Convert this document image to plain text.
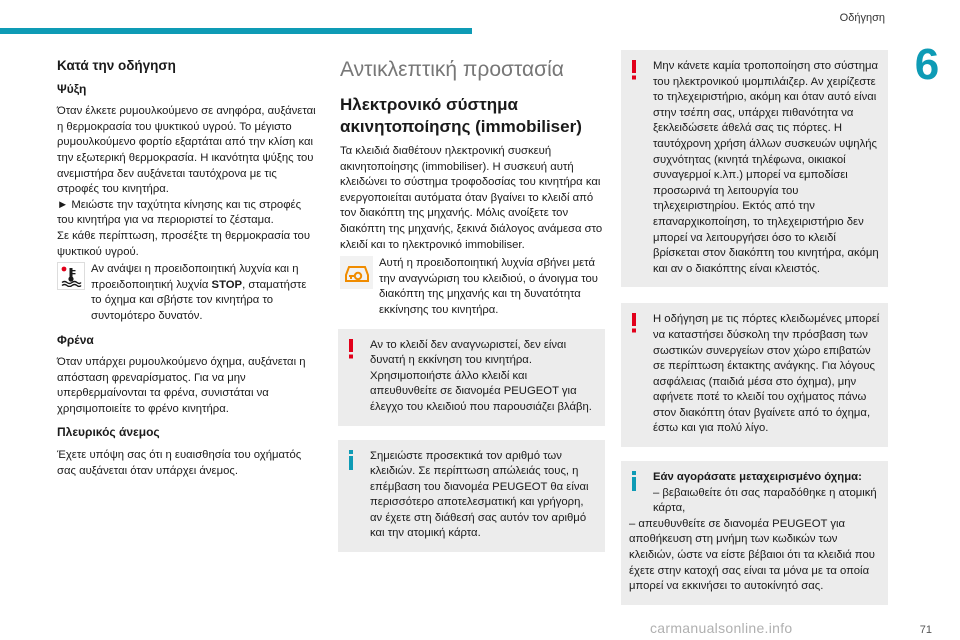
Οδήγηση
6
Κατά την οδήγηση
Ψύξη
Όταν έλκετε ρυμουλκούμενο σε ανηφόρα, αυξάνεται η θερμοκρασία του ψυκτικού υγρού. Το μέγιστο ρυμουλκούμενο φορτίο εξαρτάται από την κλίση και την εξωτερική θερμοκρασία. Η ικανότητα ψύξης του ανεμιστήρα δεν αυξάνεται ταυτόχρονα με τις στροφές του κινητήρα.
► Μειώστε την ταχύτητα κίνησης και τις στροφές του κινητήρα για να περιοριστεί το ζέσταμα.
Σε κάθε περίπτωση, προσέξτε τη θερμοκρασία του ψυκτικού υγρού.
Αν ανάψει η προειδοποιητική λυχνία και η προειδοποιητική λυχνία STOP, σταματήστε το όχημα και σβήστε τον κινητήρα το συντομότερο δυνατόν.
Φρένα
Όταν υπάρχει ρυμουλκούμενο όχημα, αυξάνεται η απόσταση φρεναρίσματος. Για να μην υπερθερμαίνονται τα φρένα, συνιστάται να χρησιμοποιείτε το φρένο κινητήρα.
Πλευρικός άνεμος
Έχετε υπόψη σας ότι η ευαισθησία του οχήματός σας αυξάνεται όταν υπάρχει άνεμος.
Αντικλεπτική προστασία
Ηλεκτρονικό σύστημα ακινητοποίησης (immobiliser)
Τα κλειδιά διαθέτουν ηλεκτρονική συσκευή ακινητοποίησης (immobiliser). Η συσκευή αυτή κλειδώνει το σύστημα τροφοδοσίας του κινητήρα και ενεργοποιείται αυτόματα όταν βγαίνει το κλειδί από τον διακόπτη της μηχανής. Μόλις ανοίξετε τον διακόπτη της μηχανής, ξεκινά διάλογος ανάμεσα στο κλειδί και το ηλεκτρονικό immobiliser.
Αυτή η προειδοποιητική λυχνία σβήνει μετά την αναγνώριση του κλειδιού, ο άνοιγμα του διακόπτη της μηχανής και τη δυνατότητα εκκίνησης του κινητήρα.
Αν το κλειδί δεν αναγνωριστεί, δεν είναι δυνατή η εκκίνηση του κινητήρα. Χρησιμοποιήστε άλλο κλειδί και απευθυνθείτε σε διανομέα PEUGEOT για έλεγχο του κλειδιού που παρουσιάζει βλάβη.
Σημειώστε προσεκτικά τον αριθμό των κλειδιών. Σε περίπτωση απώλειάς τους, η επέμβαση του διανομέα PEUGEOT θα είναι περισσότερο αποτελεσματική και γρήγορη, αν έχετε στη διάθεσή σας αυτόν τον αριθμό και την ατομική κάρτα.
Μην κάνετε καμία τροποποίηση στο σύστημα του ηλεκτρονικού ιμομπιλάιζερ. Αν χειρίζεστε το τηλεχειριστήριο, ακόμη και όταν αυτό είναι στην τσέπη σας, υπάρχει πιθανότητα να ξεκλειδώσετε άθελά σας τις πόρτες. Η ταυτόχρονη χρήση άλλων συσκευών υψηλής συχνότητας (κινητά τηλέφωνα, οικιακοί συναγερμοί κ.λπ.) μπορεί να εμποδίσει προσωρινά τη λειτουργία του τηλεχειριστηρίου. Εκτός από την επαναρχικοποίηση, το τηλεχειριστήριο δεν μπορεί να λειτουργήσει όσο το κλειδί βρίσκεται στον διακόπτη του κινητήρα, ακόμη και αν ο διακόπτης είναι κλειστός.
Η οδήγηση με τις πόρτες κλειδωμένες μπορεί να καταστήσει δύσκολη την πρόσβαση των σωστικών συνεργείων στον χώρο επιβατών σε περίπτωση έκτακτης ανάγκης. Για λόγους ασφάλειας (παιδιά μέσα στο όχημα), μην αφήνετε ποτέ το κλειδί του οχήματος πάνω στον διακόπτη όταν βγαίνετε από το όχημα, έστω και για πολύ λίγο.
Εάν αγοράσατε μεταχειρισμένο όχημα:
– βεβαιωθείτε ότι σας παραδόθηκε η ατομική κάρτα,
– απευθυνθείτε σε διανομέα PEUGEOT για αποθήκευση στη μνήμη των κωδικών των κλειδιών, ώστε να είστε βέβαιοι ότι τα κλειδιά που έχετε στην κατοχή σας είναι τα μόνα με τα οποία μπορεί να εκκινήσει το αυτοκίνητό σας.
carmanualsonline.info	71
